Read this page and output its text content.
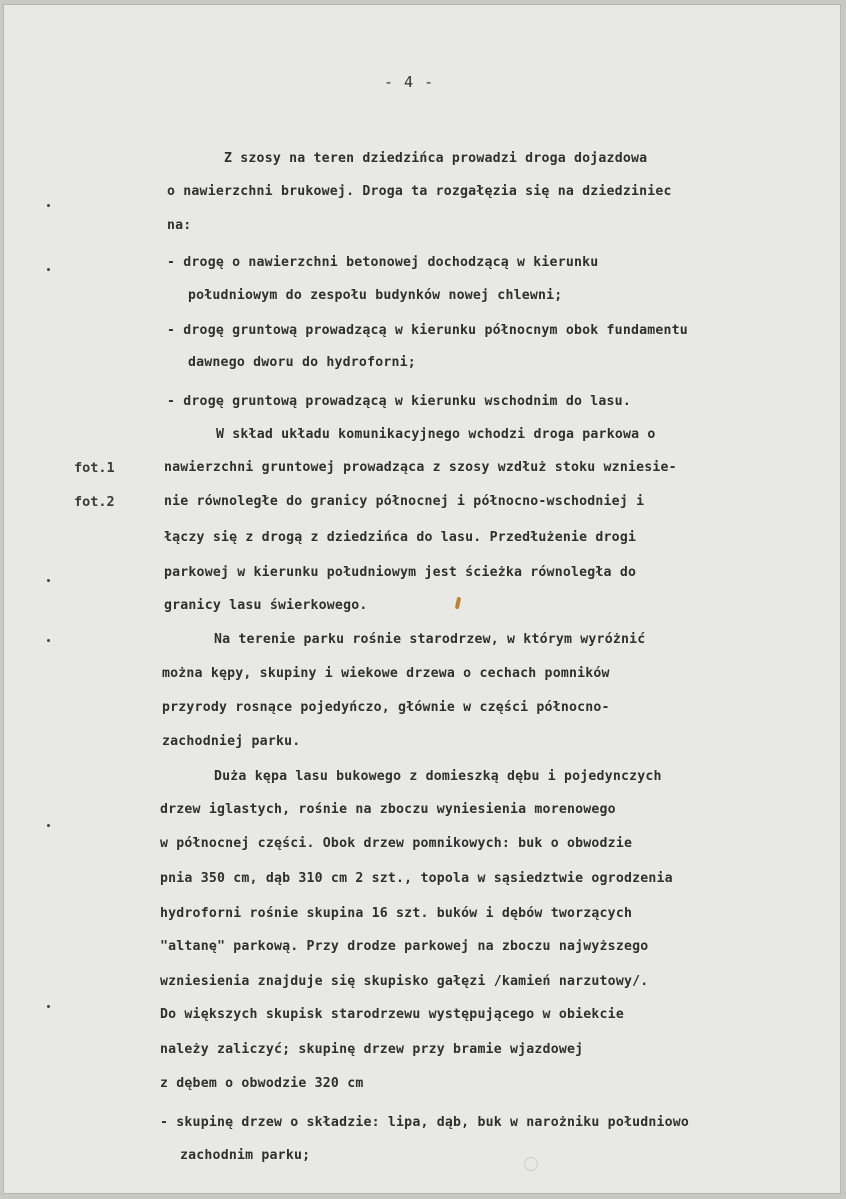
- 4 -
Z szosy na teren dziedzińca prowadzi droga dojazdowa
o nawierzchni brukowej. Droga ta rozgałęzia się na dziedziniec
na:
- drogę o nawierzchni betonowej dochodzącą w kierunku
południowym do zespołu budynków nowej chlewni;
- drogę gruntową prowadzącą w kierunku północnym obok fundamentu
dawnego dworu do hydroforni;
- drogę gruntową prowadzącą w kierunku wschodnim do lasu.
W skład układu komunikacyjnego wchodzi droga parkowa o
nawierzchni gruntowej prowadząca z szosy wzdłuż stoku wzniesie-
nie równoległe do granicy północnej i północno-wschodniej i
łączy się z drogą z dziedzińca do lasu. Przedłużenie drogi
parkowej w kierunku południowym jest ścieżka równoległa do
granicy lasu świerkowego.
Na terenie parku rośnie starodrzew, w którym wyróżnić
można kępy, skupiny i wiekowe drzewa o cechach pomników
przyrody rosnące pojedyńczo, głównie w części północno-
zachodniej parku.
Duża kępa lasu bukowego z domieszką dębu i pojedynczych
drzew iglastych, rośnie na zboczu wyniesienia morenowego
w północnej części. Obok drzew pomnikowych: buk o obwodzie
pnia 350 cm, dąb 310 cm 2 szt., topola w sąsiedztwie ogrodzenia
hydroforni rośnie skupina 16 szt. buków i dębów tworzących
"altanę" parkową. Przy drodze parkowej na zboczu najwyższego
wzniesienia znajduje się skupisko gałęzi /kamień narzutowy/.
Do większych skupisk starodrzewu występującego w obiekcie
należy zaliczyć; skupinę drzew przy bramie wjazdowej
z dębem o obwodzie 320 cm
- skupinę drzew o składzie: lipa, dąb, buk w narożniku południowo
zachodnim parku;
fot.1
fot.2
